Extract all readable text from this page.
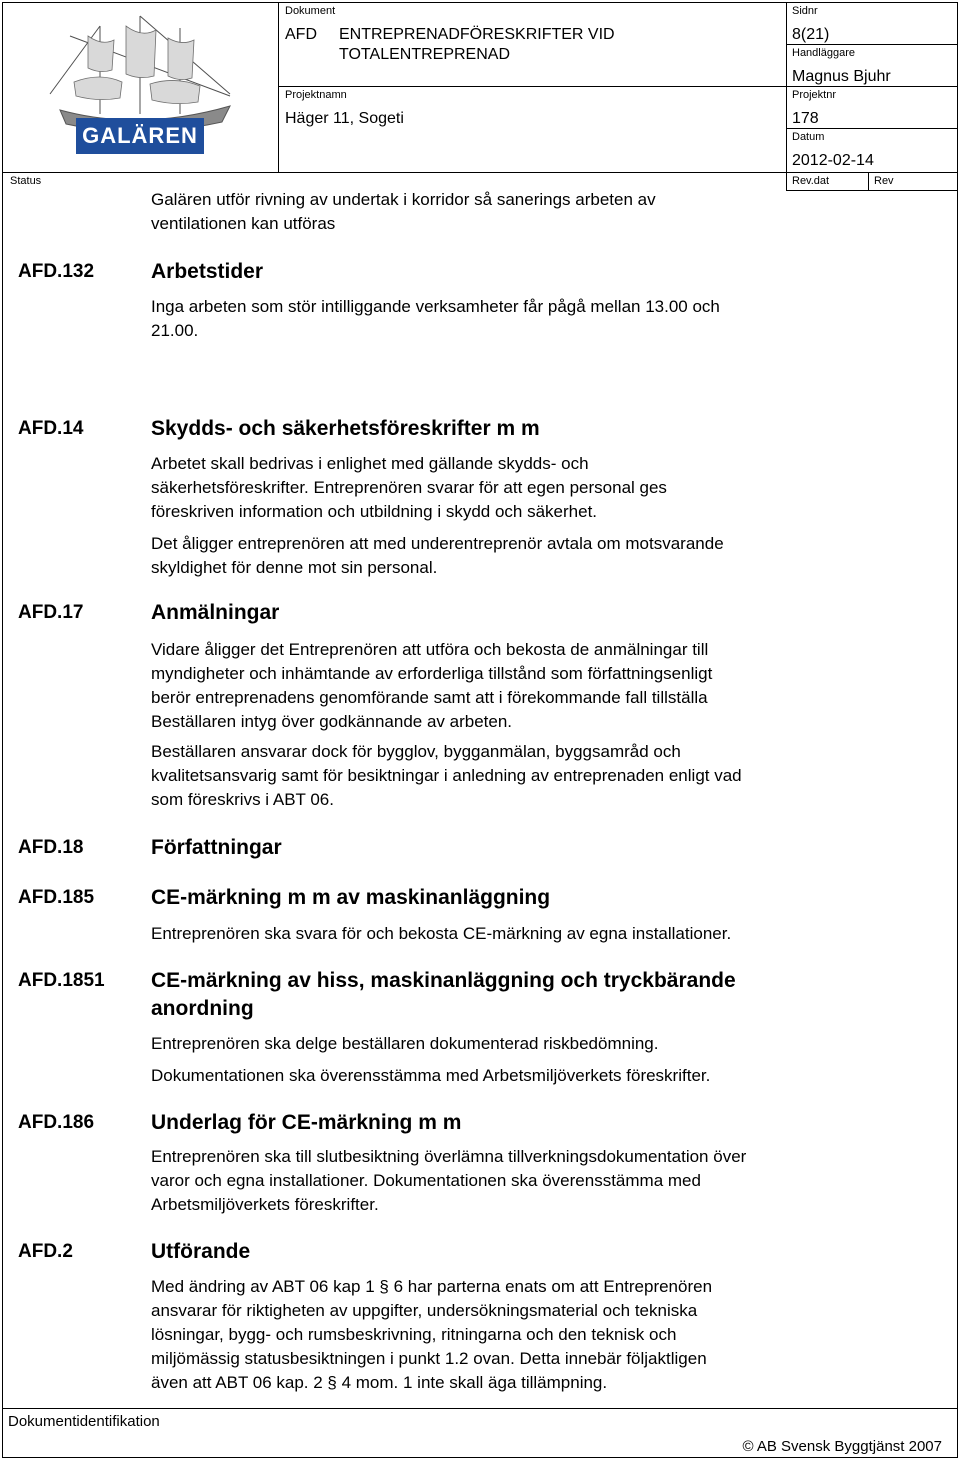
GALÄREN
Dokument
AFD ENTREPRENADFÖRESKRIFTER VID
TOTALENTREPRENAD
Sidnr
8(21)
Handläggare
Magnus Bjuhr
Projektnamn
Häger 11, Sogeti
Projektnr
178
Datum
2012-02-14
Status	Rev.dat	Rev
Galären utför rivning av undertak i korridor så sanerings arbeten av
ventilationen kan utföras
AFD.132	Arbetstider
Inga arbeten som stör intilliggande verksamheter får pågå mellan 13.00 och
21.00.
AFD.14	Skydds- och säkerhetsföreskrifter m m
Arbetet skall bedrivas i enlighet med gällande skydds- och
säkerhetsföreskrifter. Entreprenören svarar för att egen personal ges
föreskriven information och utbildning i skydd och säkerhet.
Det åligger entreprenören att med underentreprenör avtala om motsvarande
skyldighet för denne mot sin personal.
AFD.17	Anmälningar
Vidare åligger det Entreprenören att utföra och bekosta de anmälningar till
myndigheter och inhämtande av erforderliga tillstånd som författningsenligt
berör entreprenadens genomförande samt att i förekommande fall tillställa
Beställaren intyg över godkännande av arbeten.
Beställaren ansvarar dock för bygglov, bygganmälan, byggsamråd och
kvalitetsansvarig samt för besiktningar i anledning av entreprenaden enligt vad
som föreskrivs i ABT 06.
AFD.18	Författningar
AFD.185	CE-märkning m m av maskinanläggning
Entreprenören ska svara för och bekosta CE-märkning av egna installationer.
AFD.1851 CE-märkning av hiss, maskinanläggning och tryckbärande
anordning
Entreprenören ska delge beställaren dokumenterad riskbedömning.
Dokumentationen ska överensstämma med Arbetsmiljöverkets föreskrifter.
AFD.186	Underlag för CE-märkning m m
Entreprenören ska till slutbesiktning överlämna tillverkningsdokumentation över
varor och egna installationer. Dokumentationen ska överensstämma med
Arbetsmiljöverkets föreskrifter.
AFD.2	Utförande
Med ändring av ABT 06 kap 1 § 6 har parterna enats om att Entreprenören
ansvarar för riktigheten av uppgifter, undersökningsmaterial och tekniska
lösningar, bygg- och rumsbeskrivning, ritningarna och den teknisk och
miljömässig statusbesiktningen i punkt 1.2 ovan. Detta innebär följaktligen
även att ABT 06 kap. 2 § 4 mom. 1 inte skall äga tillämpning.
Dokumentidentifikation
© AB Svensk Byggtjänst 2007
